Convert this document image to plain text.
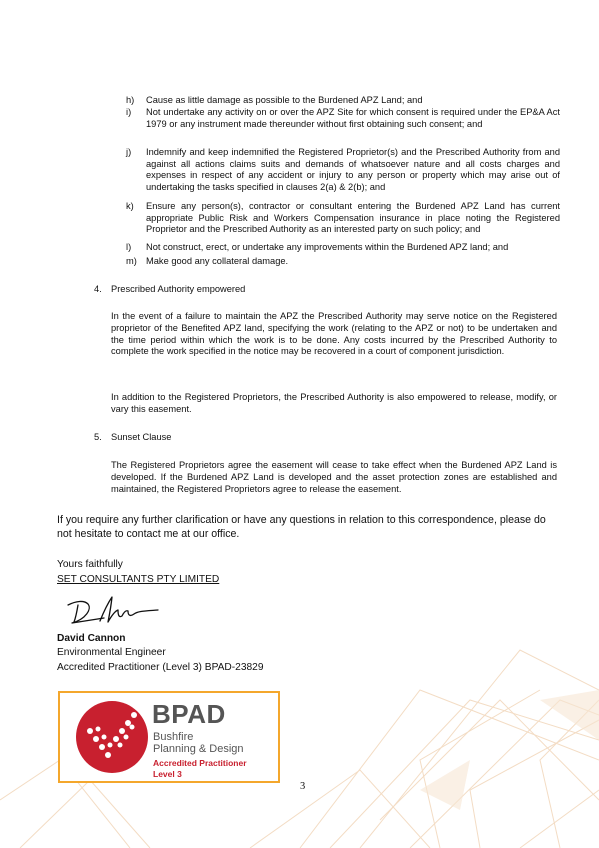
h) Cause as little damage as possible to the Burdened APZ Land; and
i) Not undertake any activity on or over the APZ Site for which consent is required under the EP&A Act 1979 or any instrument made thereunder without first obtaining such consent; and
j) Indemnify and keep indemnified the Registered Proprietor(s) and the Prescribed Authority from and against all actions claims suits and demands of whatsoever nature and all costs charges and expenses in respect of any accident or injury to any person or property which may arise out of undertaking the tasks specified in clauses 2(a) & 2(b); and
k) Ensure any person(s), contractor or consultant entering the Burdened APZ Land has current appropriate Public Risk and Workers Compensation insurance in place noting the Registered Proprietor and the Prescribed Authority as an interested party on such policy; and
l) Not construct, erect, or undertake any improvements within the Burdened APZ land; and
m) Make good any collateral damage.
4. Prescribed Authority empowered
In the event of a failure to maintain the APZ the Prescribed Authority may serve notice on the Registered proprietor of the Benefited APZ land, specifying the work (relating to the APZ or not) to be undertaken and the time period within which the work is to be done. Any costs incurred by the Prescribed Authority to complete the work specified in the notice may be recovered in a court of component jurisdiction.
In addition to the Registered Proprietors, the Prescribed Authority is also empowered to release, modify, or vary this easement.
5. Sunset Clause
The Registered Proprietors agree the easement will cease to take effect when the Burdened APZ Land is developed. If the Burdened APZ Land is developed and the asset protection zones are established and maintained, the Registered Proprietors agree to release the easement.
If you require any further clarification or have any questions in relation to this correspondence, please do not hesitate to contact me at our office.
Yours faithfully
SET CONSULTANTS PTY LIMITED
David Cannon
Environmental Engineer
Accredited Practitioner (Level 3) BPAD-23829
BPAD
Bushfire
Planning & Design
Accredited Practitioner
Level 3
3
